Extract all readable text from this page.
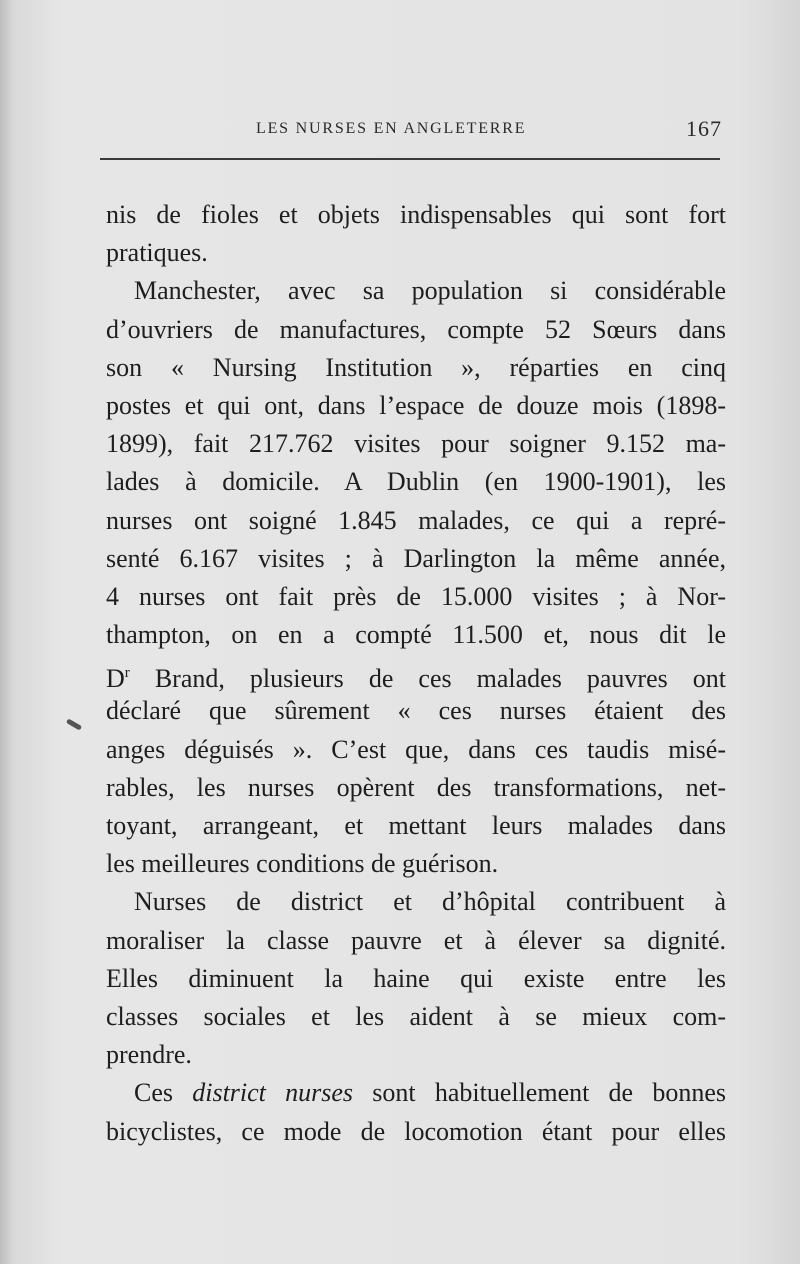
LES NURSES EN ANGLETERRE	167
nis de fioles et objets indispensables qui sont fort
pratiques.
Manchester, avec sa population si considérable
d’ouvriers de manufactures, compte 52 Sœurs dans
son « Nursing Institution », réparties en cinq
postes et qui ont, dans l’espace de douze mois (1898-
1899), fait 217.762 visites pour soigner 9.152 ma-
lades à domicile. A Dublin (en 1900-1901), les
nurses ont soigné 1.845 malades, ce qui a repré-
senté 6.167 visites ; à Darlington la même année,
4 nurses ont fait près de 15.000 visites ; à Nor-
thampton, on en a compté 11.500 et, nous dit le
$D^r$ Brand, plusieurs de ces malades pauvres ont
déclaré que sûrement « ces nurses étaient des
anges déguisés ». C’est que, dans ces taudis misé-
rables, les nurses opèrent des transformations, net-
toyant, arrangeant, et mettant leurs malades dans
les meilleures conditions de guérison.
Nurses de district et d’hôpital contribuent à
moraliser la classe pauvre et à élever sa dignité.
Elles diminuent la haine qui existe entre les
classes sociales et les aident à se mieux com-
prendre.
Ces district nurses sont habituellement de bonnes
bicyclistes, ce mode de locomotion étant pour elles
